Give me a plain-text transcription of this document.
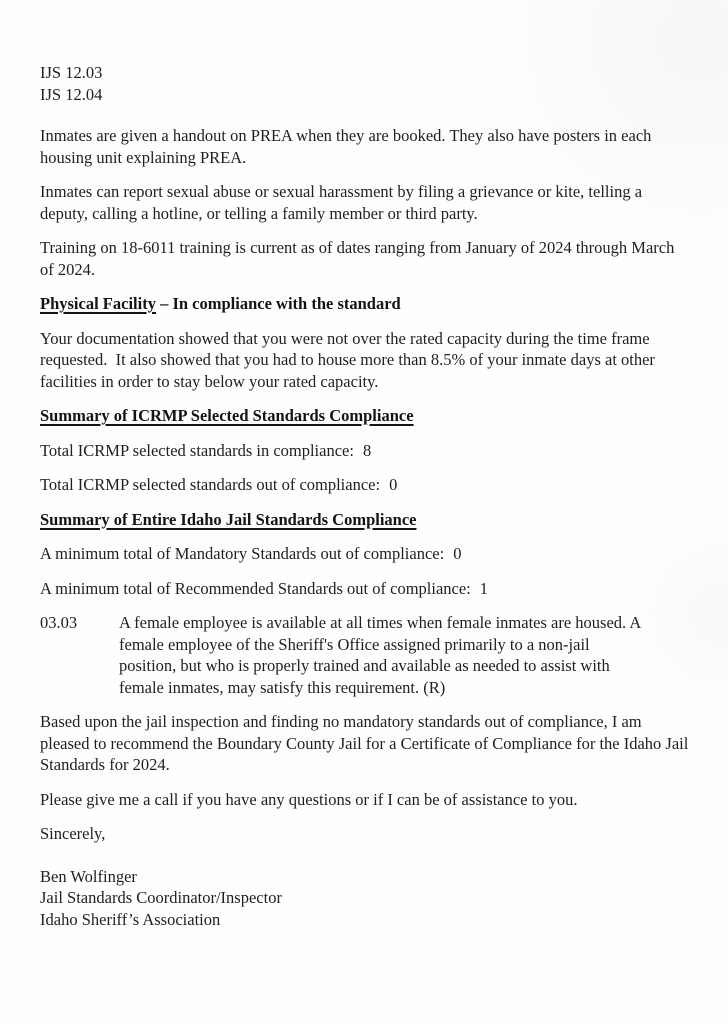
IJS 12.03

IJS 12.04

Inmates are given a handout on PREA when they are booked. They also have posters in each housing unit explaining PREA.

Inmates can report sexual abuse or sexual harassment by filing a grievance or kite, telling a deputy, calling a hotline, or telling a family member or third party.

Training on 18-6011 training is current as of dates ranging from January of 2024 through March of 2024.

Physical Facility – In compliance with the standard

Your documentation showed that you were not over the rated capacity during the time frame requested.  It also showed that you had to house more than 8.5% of your inmate days at other facilities in order to stay below your rated capacity.

Summary of ICRMP Selected Standards Compliance

Total ICRMP selected standards in compliance: 8

Total ICRMP selected standards out of compliance: 0

Summary of Entire Idaho Jail Standards Compliance

A minimum total of Mandatory Standards out of compliance: 0

A minimum total of Recommended Standards out of compliance: 1

03.03	A female employee is available at all times when female inmates are housed. A female employee of the Sheriff's Office assigned primarily to a non-jail position, but who is properly trained and available as needed to assist with female inmates, may satisfy this requirement. (R)

Based upon the jail inspection and finding no mandatory standards out of compliance, I am pleased to recommend the Boundary County Jail for a Certificate of Compliance for the Idaho Jail Standards for 2024.

Please give me a call if you have any questions or if I can be of assistance to you.

Sincerely,

Ben Wolfinger

Jail Standards Coordinator/Inspector

Idaho Sheriff’s Association
